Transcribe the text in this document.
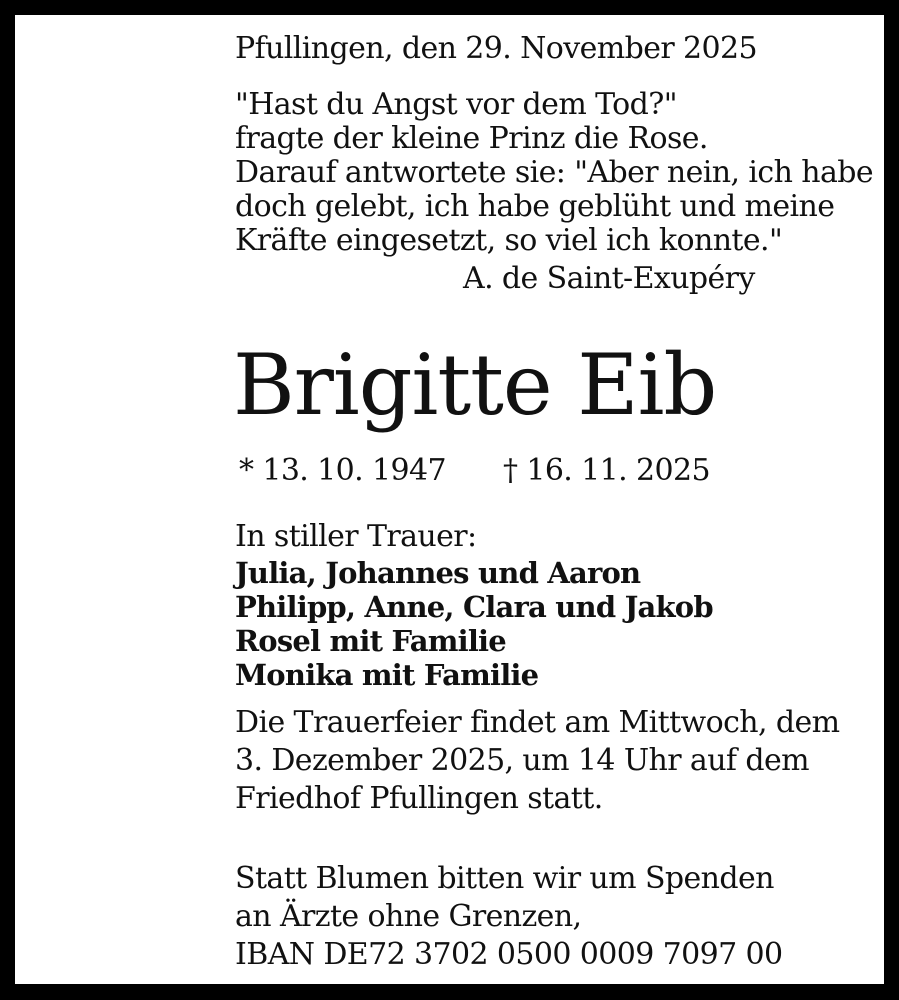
Pfullingen, den 29. November 2025
"Hast du Angst vor dem Tod?"
fragte der kleine Prinz die Rose.
Darauf antwortete sie: "Aber nein, ich habe
doch gelebt, ich habe geblüht und meine
Kräfte eingesetzt, so viel ich konnte."
A. de Saint-Exupéry
Brigitte Eib
* 13. 10. 1947 † 16. 11. 2025
In stiller Trauer:
Julia, Johannes und Aaron
Philipp, Anne, Clara und Jakob
Rosel mit Familie
Monika mit Familie
Die Trauerfeier findet am Mittwoch, dem
3. Dezember 2025, um 14 Uhr auf dem
Friedhof Pfullingen statt.
Statt Blumen bitten wir um Spenden
an Ärzte ohne Grenzen,
IBAN DE72 3702 0500 0009 7097 00
